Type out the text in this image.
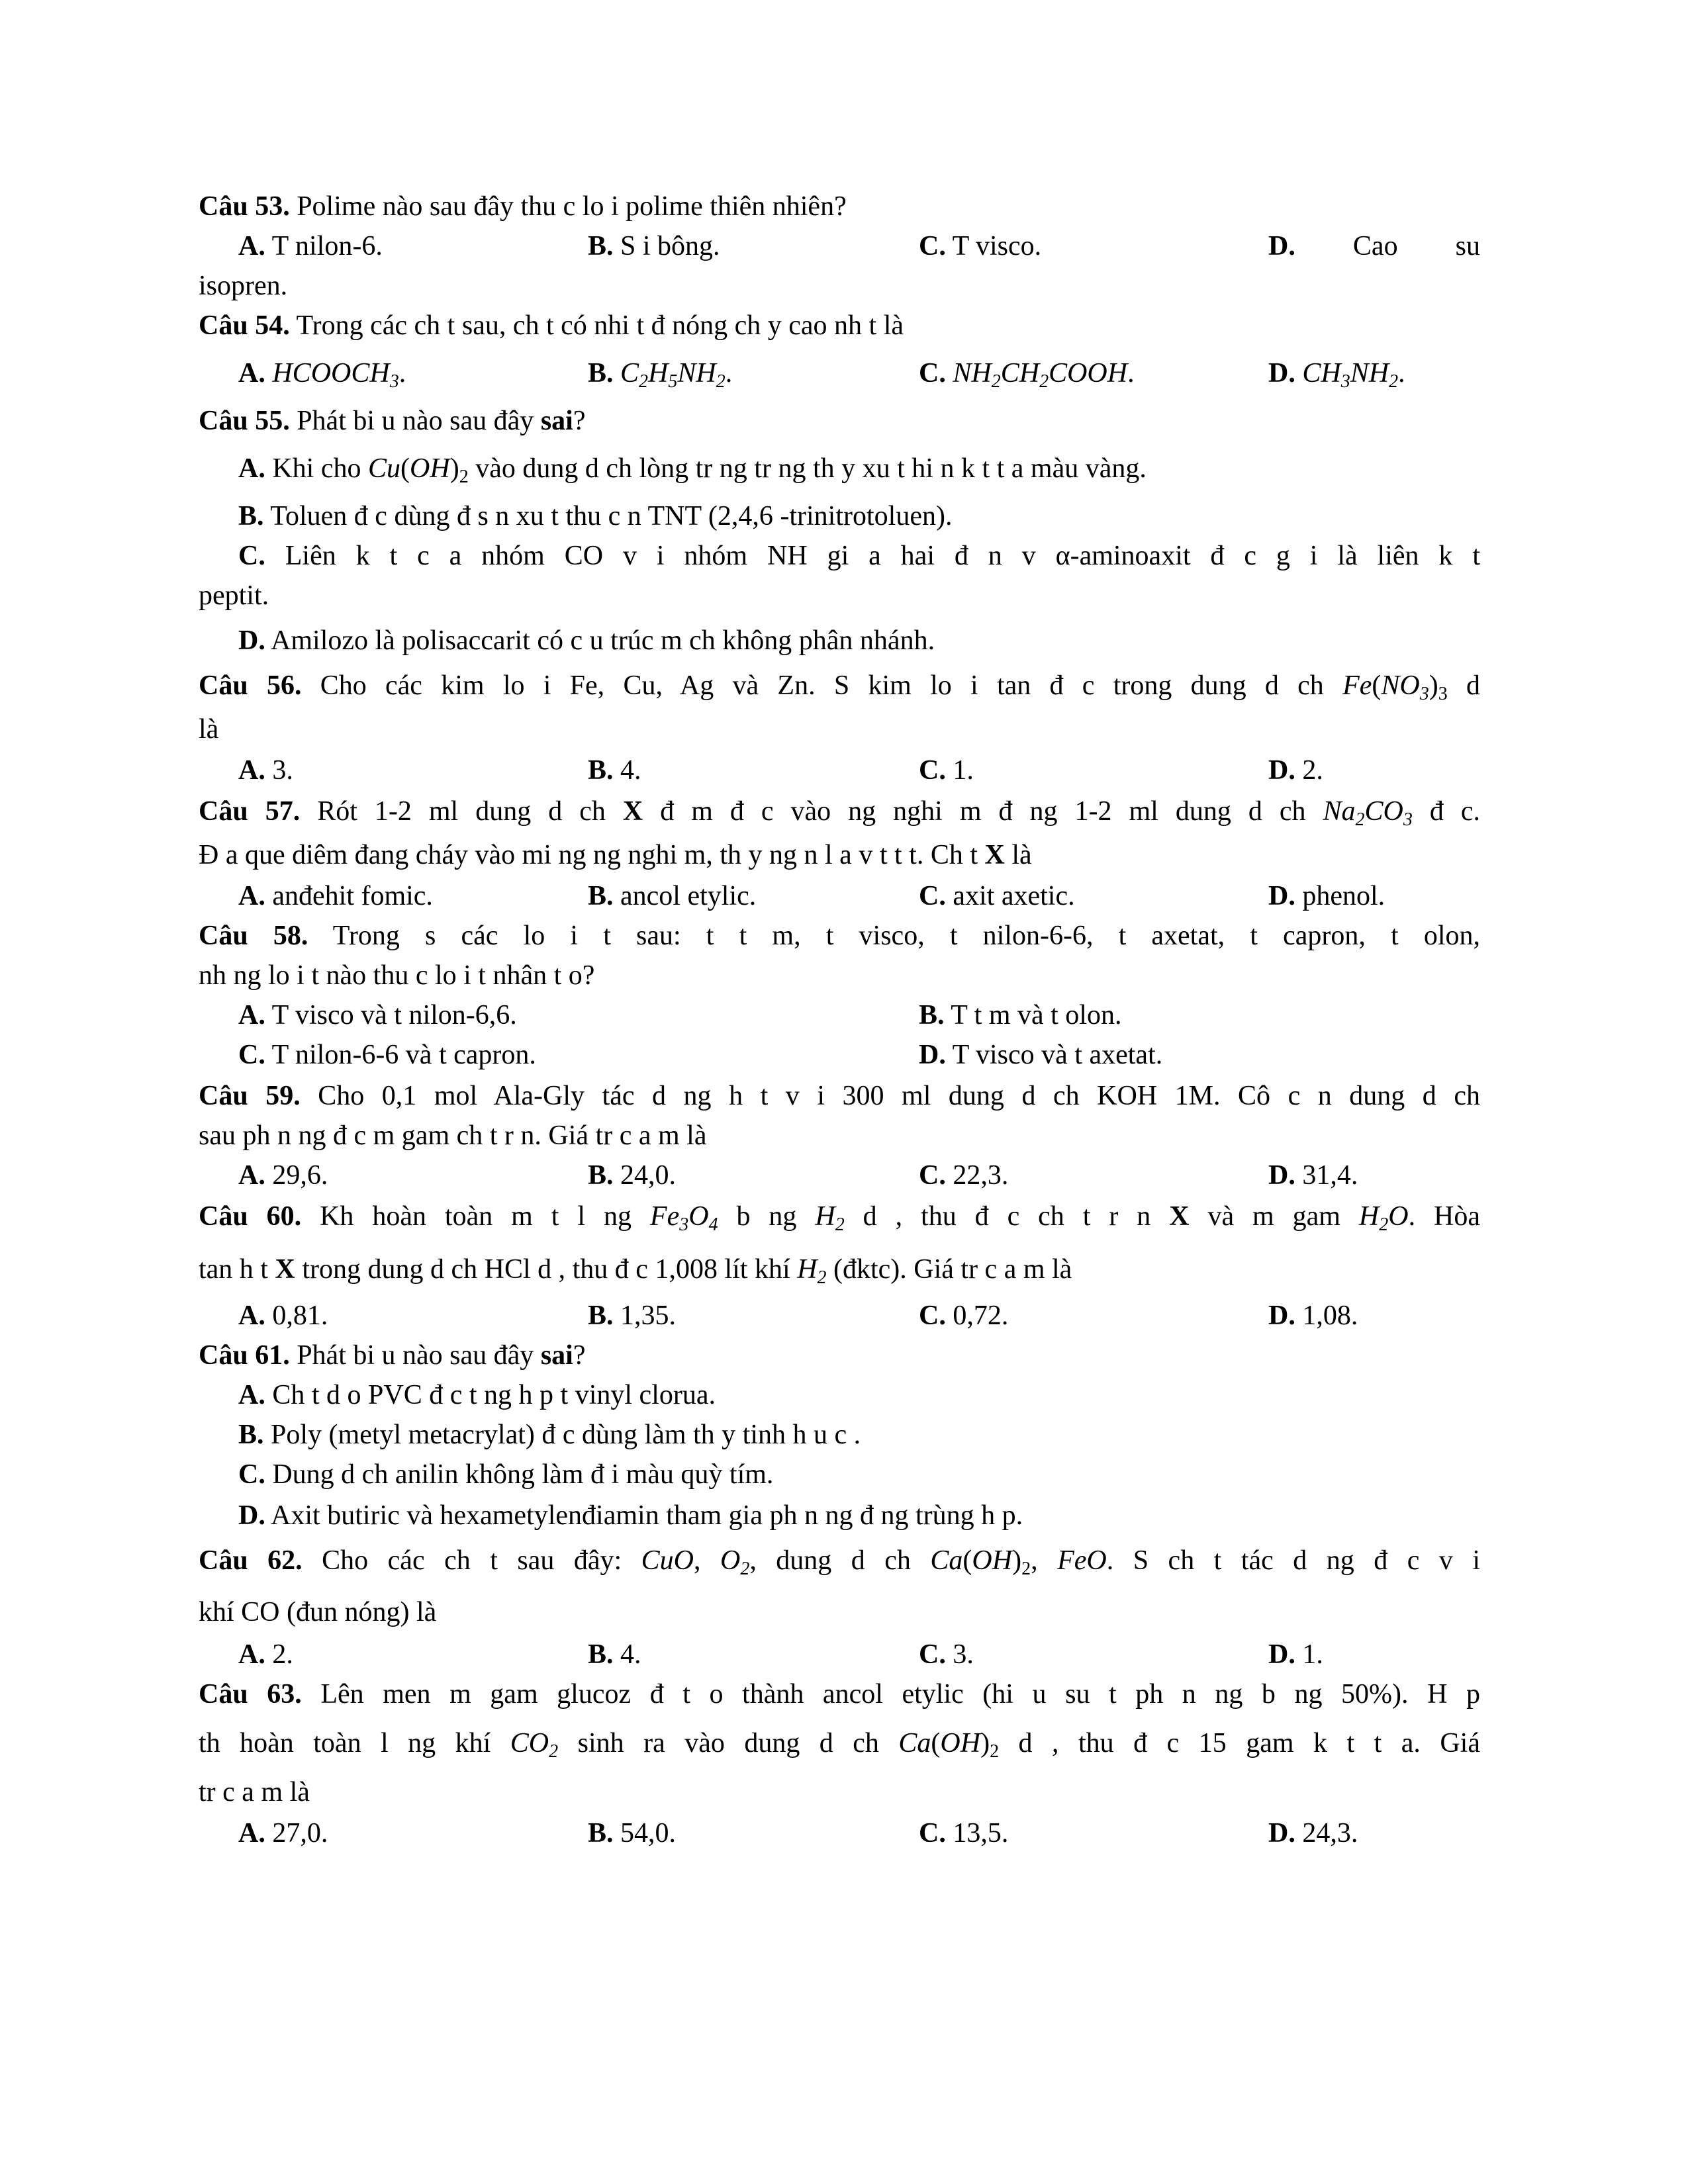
Câu 53. Polime nào sau đây thu c lo i polime thiên nhiên?
A. T nilon-6.	B. S i bông.	C. T visco.	D. Cao su
isopren.
Câu 54. Trong các ch t sau, ch t có nhi t đ nóng ch y cao nh t là
A. $HCOOCH_3$.	B. $C_2H_5NH_2$.	C. $NH_2CH_2COOH$.	D. $CH_3NH_2$.
Câu 55. Phát bi u nào sau đây sai?
A. Khi cho $Cu(OH)_2$ vào dung d ch lòng tr ng tr ng th y xu t hi n k t t a màu vàng.
B. Toluen đ c dùng đ s n xu t thu c n TNT (2,4,6 -trinitrotoluen).
C. Liên k t c a nhóm CO v i nhóm NH gi a hai đ n v α-aminoaxit đ c g i là liên k t
peptit.
D. Amilozo là polisaccarit có c u trúc m ch không phân nhánh.
Câu 56. Cho các kim lo i Fe, Cu, Ag và Zn. S kim lo i tan đ c trong dung d ch $Fe(NO_3)_3$ d
là
A. 3.	B. 4.	C. 1.	D. 2.
Câu 57. Rót 1-2 ml dung d ch X đ m đ c vào ng nghi m đ ng 1-2 ml dung d ch $Na_2CO_3$ đ c.
Đ a que diêm đang cháy vào mi ng ng nghi m, th y ng n l a v t t t. Ch t X là
A. anđehit fomic.	B. ancol etylic.	C. axit axetic.	D. phenol.
Câu 58. Trong s các lo i t sau: t t m, t visco, t nilon-6-6, t axetat, t capron, t olon,
nh ng lo i t nào thu c lo i t nhân t o?
A. T visco và t nilon-6,6.	B. T t m và t olon.
C. T nilon-6-6 và t capron.	D. T visco và t axetat.
Câu 59. Cho 0,1 mol Ala-Gly tác d ng h t v i 300 ml dung d ch KOH 1M. Cô c n dung d ch
sau ph n ng đ c m gam ch t r n. Giá tr c a m là
A. 29,6.	B. 24,0.	C. 22,3.	D. 31,4.
Câu 60. Kh hoàn toàn m t l ng $Fe_3O_4$ b ng $H_2$ d , thu đ c ch t r n X và m gam $H_2O$. Hòa
tan h t X trong dung d ch HCl d , thu đ c 1,008 lít khí $H_2$ (đktc). Giá tr c a m là
A. 0,81.	B. 1,35.	C. 0,72.	D. 1,08.
Câu 61. Phát bi u nào sau đây sai?
A. Ch t d o PVC đ c t ng h p t vinyl clorua.
B. Poly (metyl metacrylat) đ c dùng làm th y tinh h u c .
C. Dung d ch anilin không làm đ i màu quỳ tím.
D. Axit butiric và hexametylenđiamin tham gia ph n ng đ ng trùng h p.
Câu 62. Cho các ch t sau đây: CuO, $O_2$, dung d ch $Ca(OH)_2$, FeO. S ch t tác d ng đ c v i
khí CO (đun nóng) là
A. 2.	B. 4.	C. 3.	D. 1.
Câu 63. Lên men m gam glucoz đ t o thành ancol etylic (hi u su t ph n ng b ng 50%). H p
th hoàn toàn l ng khí $CO_2$ sinh ra vào dung d ch $Ca(OH)_2$ d , thu đ c 15 gam k t t a. Giá
tr c a m là
A. 27,0.	B. 54,0.	C. 13,5.	D. 24,3.
